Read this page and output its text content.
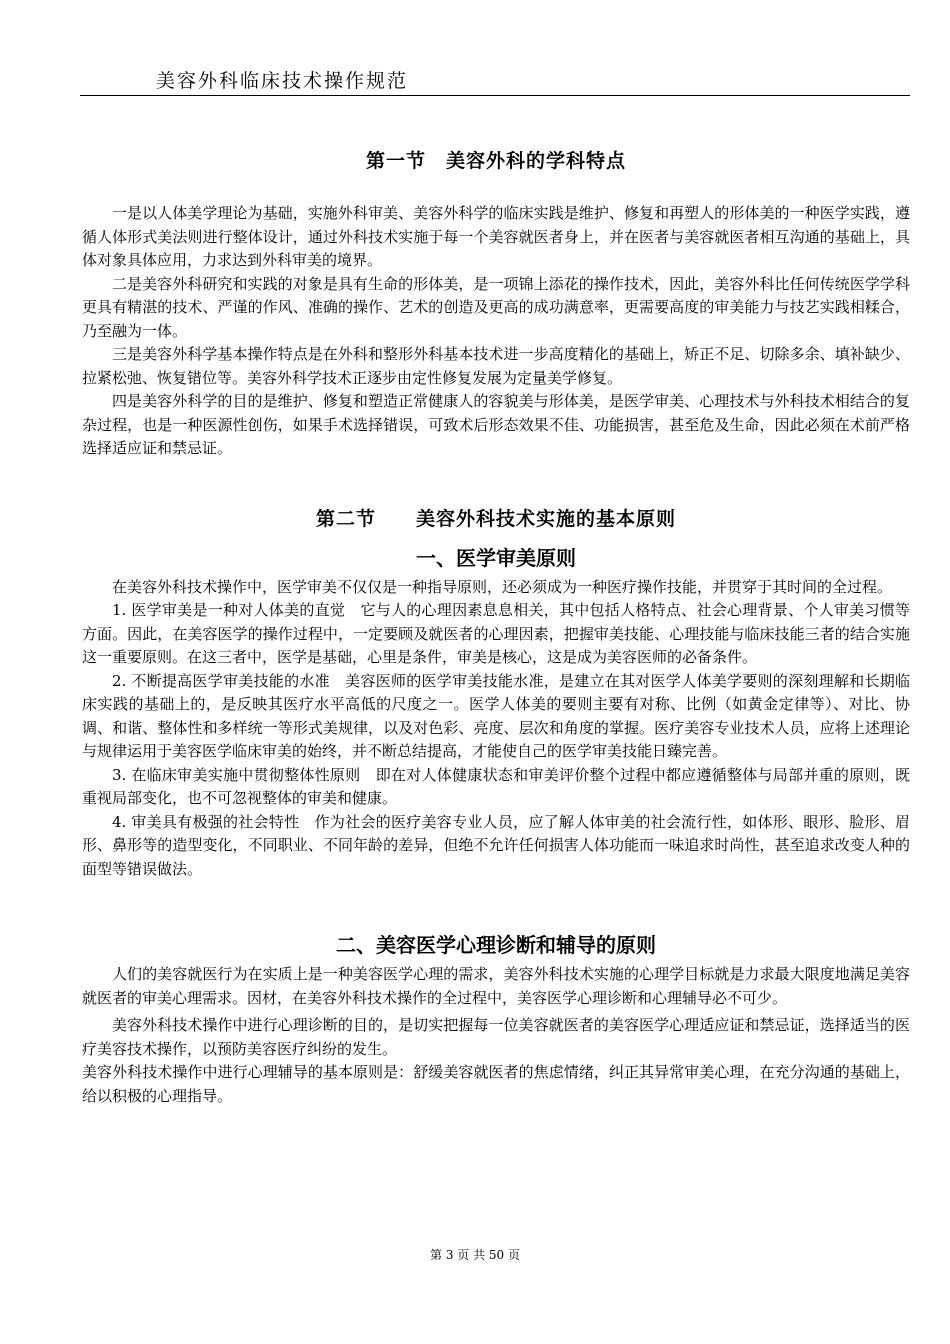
美容外科临床技术操作规范
第一节　美容外科的学科特点

一是以人体美学理论为基础，实施外科审美、美容外科学的临床实践是维护、修复和再塑人的形体美的一种医学实践，遵循人体形式美法则进行整体设计，通过外科技术实施于每一个美容就医者身上，并在医者与美容就医者相互沟通的基础上，具体对象具体应用，力求达到外科审美的境界。

二是美容外科研究和实践的对象是具有生命的形体美，是一项锦上添花的操作技术，因此，美容外科比任何传统医学学科更具有精湛的技术、严谨的作风、准确的操作、艺术的创造及更高的成功满意率，更需要高度的审美能力与技艺实践相糅合，乃至融为一体。

三是美容外科学基本操作特点是在外科和整形外科基本技术进一步高度精化的基础上，矫正不足、切除多余、填补缺少、拉紧松弛、恢复错位等。美容外科学技术正逐步由定性修复发展为定量美学修复。

四是美容外科学的目的是维护、修复和塑造正常健康人的容貌美与形体美，是医学审美、心理技术与外科技术相结合的复杂过程，也是一种医源性创伤，如果手术选择错误，可致术后形态效果不佳、功能损害，甚至危及生命，因此必须在术前严格选择适应证和禁忌证。

第二节　　美容外科技术实施的基本原则
一、医学审美原则

在美容外科技术操作中，医学审美不仅仅是一种指导原则，还必须成为一种医疗操作技能，并贯穿于其时间的全过程。

1. 医学审美是一种对人体美的直觉　它与人的心理因素息息相关，其中包括人格特点、社会心理背景、个人审美习惯等方面。因此，在美容医学的操作过程中，一定要顾及就医者的心理因素，把握审美技能、心理技能与临床技能三者的结合实施这一重要原则。在这三者中，医学是基础，心里是条件，审美是核心，这是成为美容医师的必备条件。

2. 不断提高医学审美技能的水准　美容医师的医学审美技能水准，是建立在其对医学人体美学要则的深刻理解和长期临床实践的基础上的，是反映其医疗水平高低的尺度之一。医学人体美的要则主要有对称、比例（如黄金定律等）、对比、协调、和谐、整体性和多样统一等形式美规律，以及对色彩、亮度、层次和角度的掌握。医疗美容专业技术人员，应将上述理论与规律运用于美容医学临床审美的始终，并不断总结提高，才能使自己的医学审美技能日臻完善。

3. 在临床审美实施中贯彻整体性原则　即在对人体健康状态和审美评价整个过程中都应遵循整体与局部并重的原则，既重视局部变化，也不可忽视整体的审美和健康。

4. 审美具有极强的社会特性　作为社会的医疗美容专业人员，应了解人体审美的社会流行性，如体形、眼形、脸形、眉形、鼻形等的造型变化，不同职业、不同年龄的差异，但绝不允许任何损害人体功能而一味追求时尚性，甚至追求改变人种的面型等错误做法。

二、美容医学心理诊断和辅导的原则

人们的美容就医行为在实质上是一种美容医学心理的需求，美容外科技术实施的心理学目标就是力求最大限度地满足美容就医者的审美心理需求。因材，在美容外科技术操作的全过程中，美容医学心理诊断和心理辅导必不可少。

美容外科技术操作中进行心理诊断的目的，是切实把握每一位美容就医者的美容医学心理适应证和禁忌证，选择适当的医疗美容技术操作，以预防美容医疗纠纷的发生。

美容外科技术操作中进行心理辅导的基本原则是：舒缓美容就医者的焦虑情绪，纠正其异常审美心理，在充分沟通的基础上，给以积极的心理指导。

第 3 页 共 50 页
